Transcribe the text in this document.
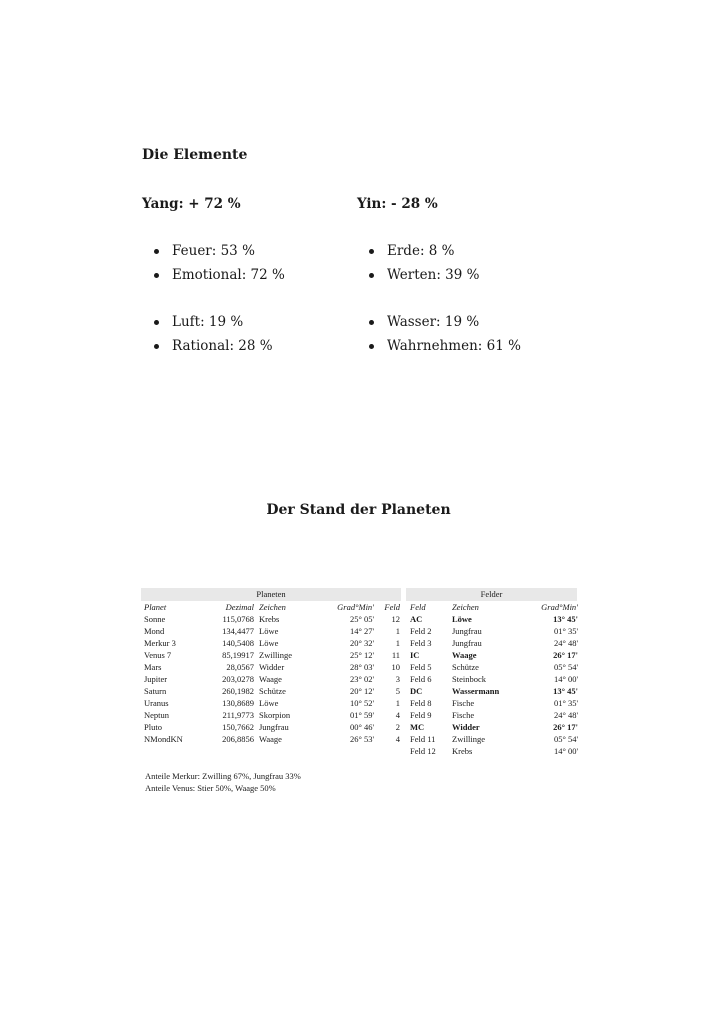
Die Elemente
Yang: + 72 %	Yin: - 28 %
Feuer: 53 %
Emotional: 72 %
Erde: 8 %
Werten: 39 %
Luft: 19 %
Rational: 28 %
Wasser: 19 %
Wahrnehmen: 61 %
Der Stand der Planeten
Planeten	Felder
Planet	Dezimal	Zeichen	Grad°Min'	Feld
Sonne	115,0768	Krebs	25° 05'	12
Mond	134,4477	Löwe	14° 27'	1
Merkur 3	140,5408	Löwe	20° 32'	1
Venus 7	85,19917	Zwillinge	25° 12'	11
Mars	28,0567	Widder	28° 03'	10
Jupiter	203,0278	Waage	23° 02'	3
Saturn	260,1982	Schütze	20° 12'	5
Uranus	130,8689	Löwe	10° 52'	1
Neptun	211,9773	Skorpion	01° 59'	4
Pluto	150,7662	Jungfrau	00° 46'	2
NMondKN	206,8856	Waage	26° 53'	4
Feld	Zeichen	Grad°Min'
AC	Löwe	13° 45'
Feld 2	Jungfrau	01° 35'
Feld 3	Jungfrau	24° 48'
IC	Waage	26° 17'
Feld 5	Schütze	05° 54'
Feld 6	Steinbock	14° 00'
DC	Wassermann	13° 45'
Feld 8	Fische	01° 35'
Feld 9	Fische	24° 48'
MC	Widder	26° 17'
Feld 11	Zwillinge	05° 54'
Feld 12	Krebs	14° 00'
Anteile Merkur: Zwilling 67%, Jungfrau 33%
Anteile Venus: Stier 50%, Waage 50%
